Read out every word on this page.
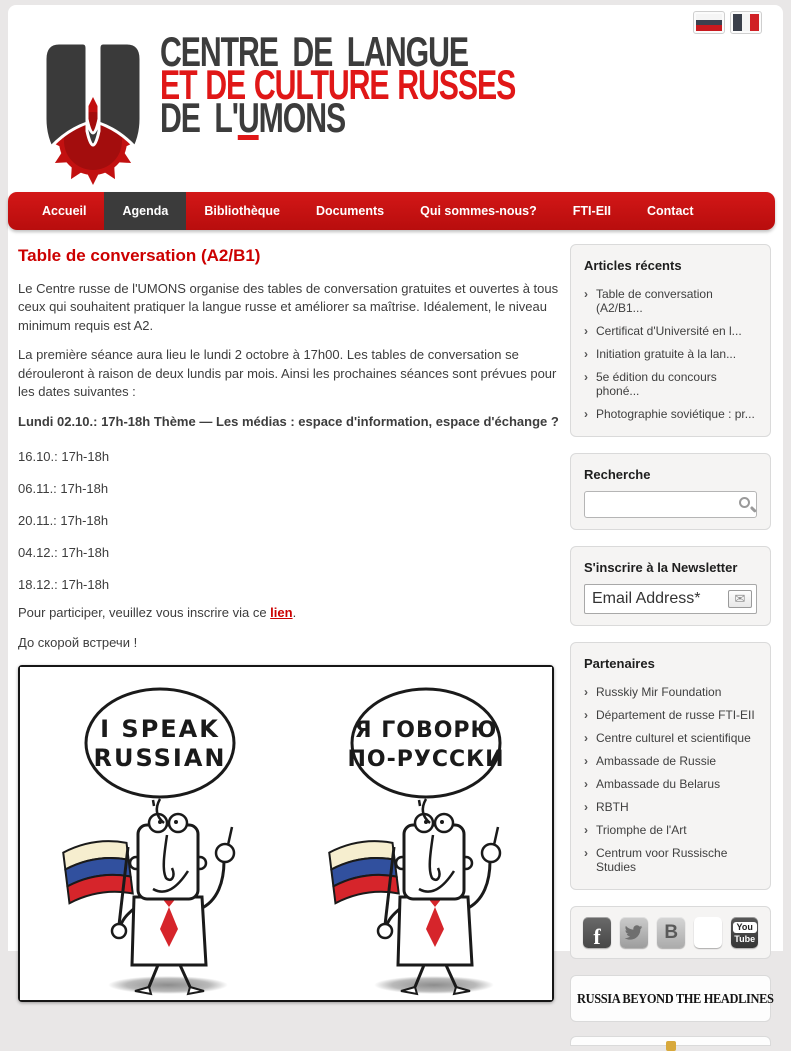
CENTRE DE LANGUE
ET DE CULTURE RUSSES
DE L'UMONS
Accueil	Agenda	Bibliothèque	Documents	Qui sommes-nous?	FTI-EII	Contact
Table de conversation (A2/B1)

Le Centre russe de l'UMONS organise des tables de conversation gratuites et ouvertes à tous ceux qui souhaitent pratiquer la langue russe et améliorer sa maîtrise. Idéalement, le niveau minimum requis est A2.

La première séance aura lieu le lundi 2 octobre à 17h00. Les tables de conversation se dérouleront à raison de deux lundis par mois. Ainsi les prochaines séances sont prévues pour les dates suivantes :

Lundi 02.10.: 17h-18h Thème — Les médias : espace d'information, espace d'échange ?

16.10.: 17h-18h

06.11.: 17h-18h

20.11.: 17h-18h

04.12.: 17h-18h

18.12.: 17h-18h

Pour participer, veuillez vous inscrire via ce lien.

До скорой встречи !

I SPEAK
RUSSIAN
Я ГОВОРЮ
ПО-РУССКИ
Articles récents
› Table de conversation (A2/B1...
› Certificat d'Université en l...
› Initiation gratuite à la lan...
› 5e édition du concours phoné...
› Photographie soviétique : pr...
Recherche
S'inscrire à la Newsletter
Email Address*
✉
Partenaires
› Russkiy Mir Foundation
› Département de russe FTI-EII
› Centre culturel et scientifique
› Ambassade de Russie
› Ambassade du Belarus
› RBTH
› Triomphe de l'Art
› Centrum voor Russische Studies
f	B	You
Tube
RUSSIA BEYOND THE HEADLINES
